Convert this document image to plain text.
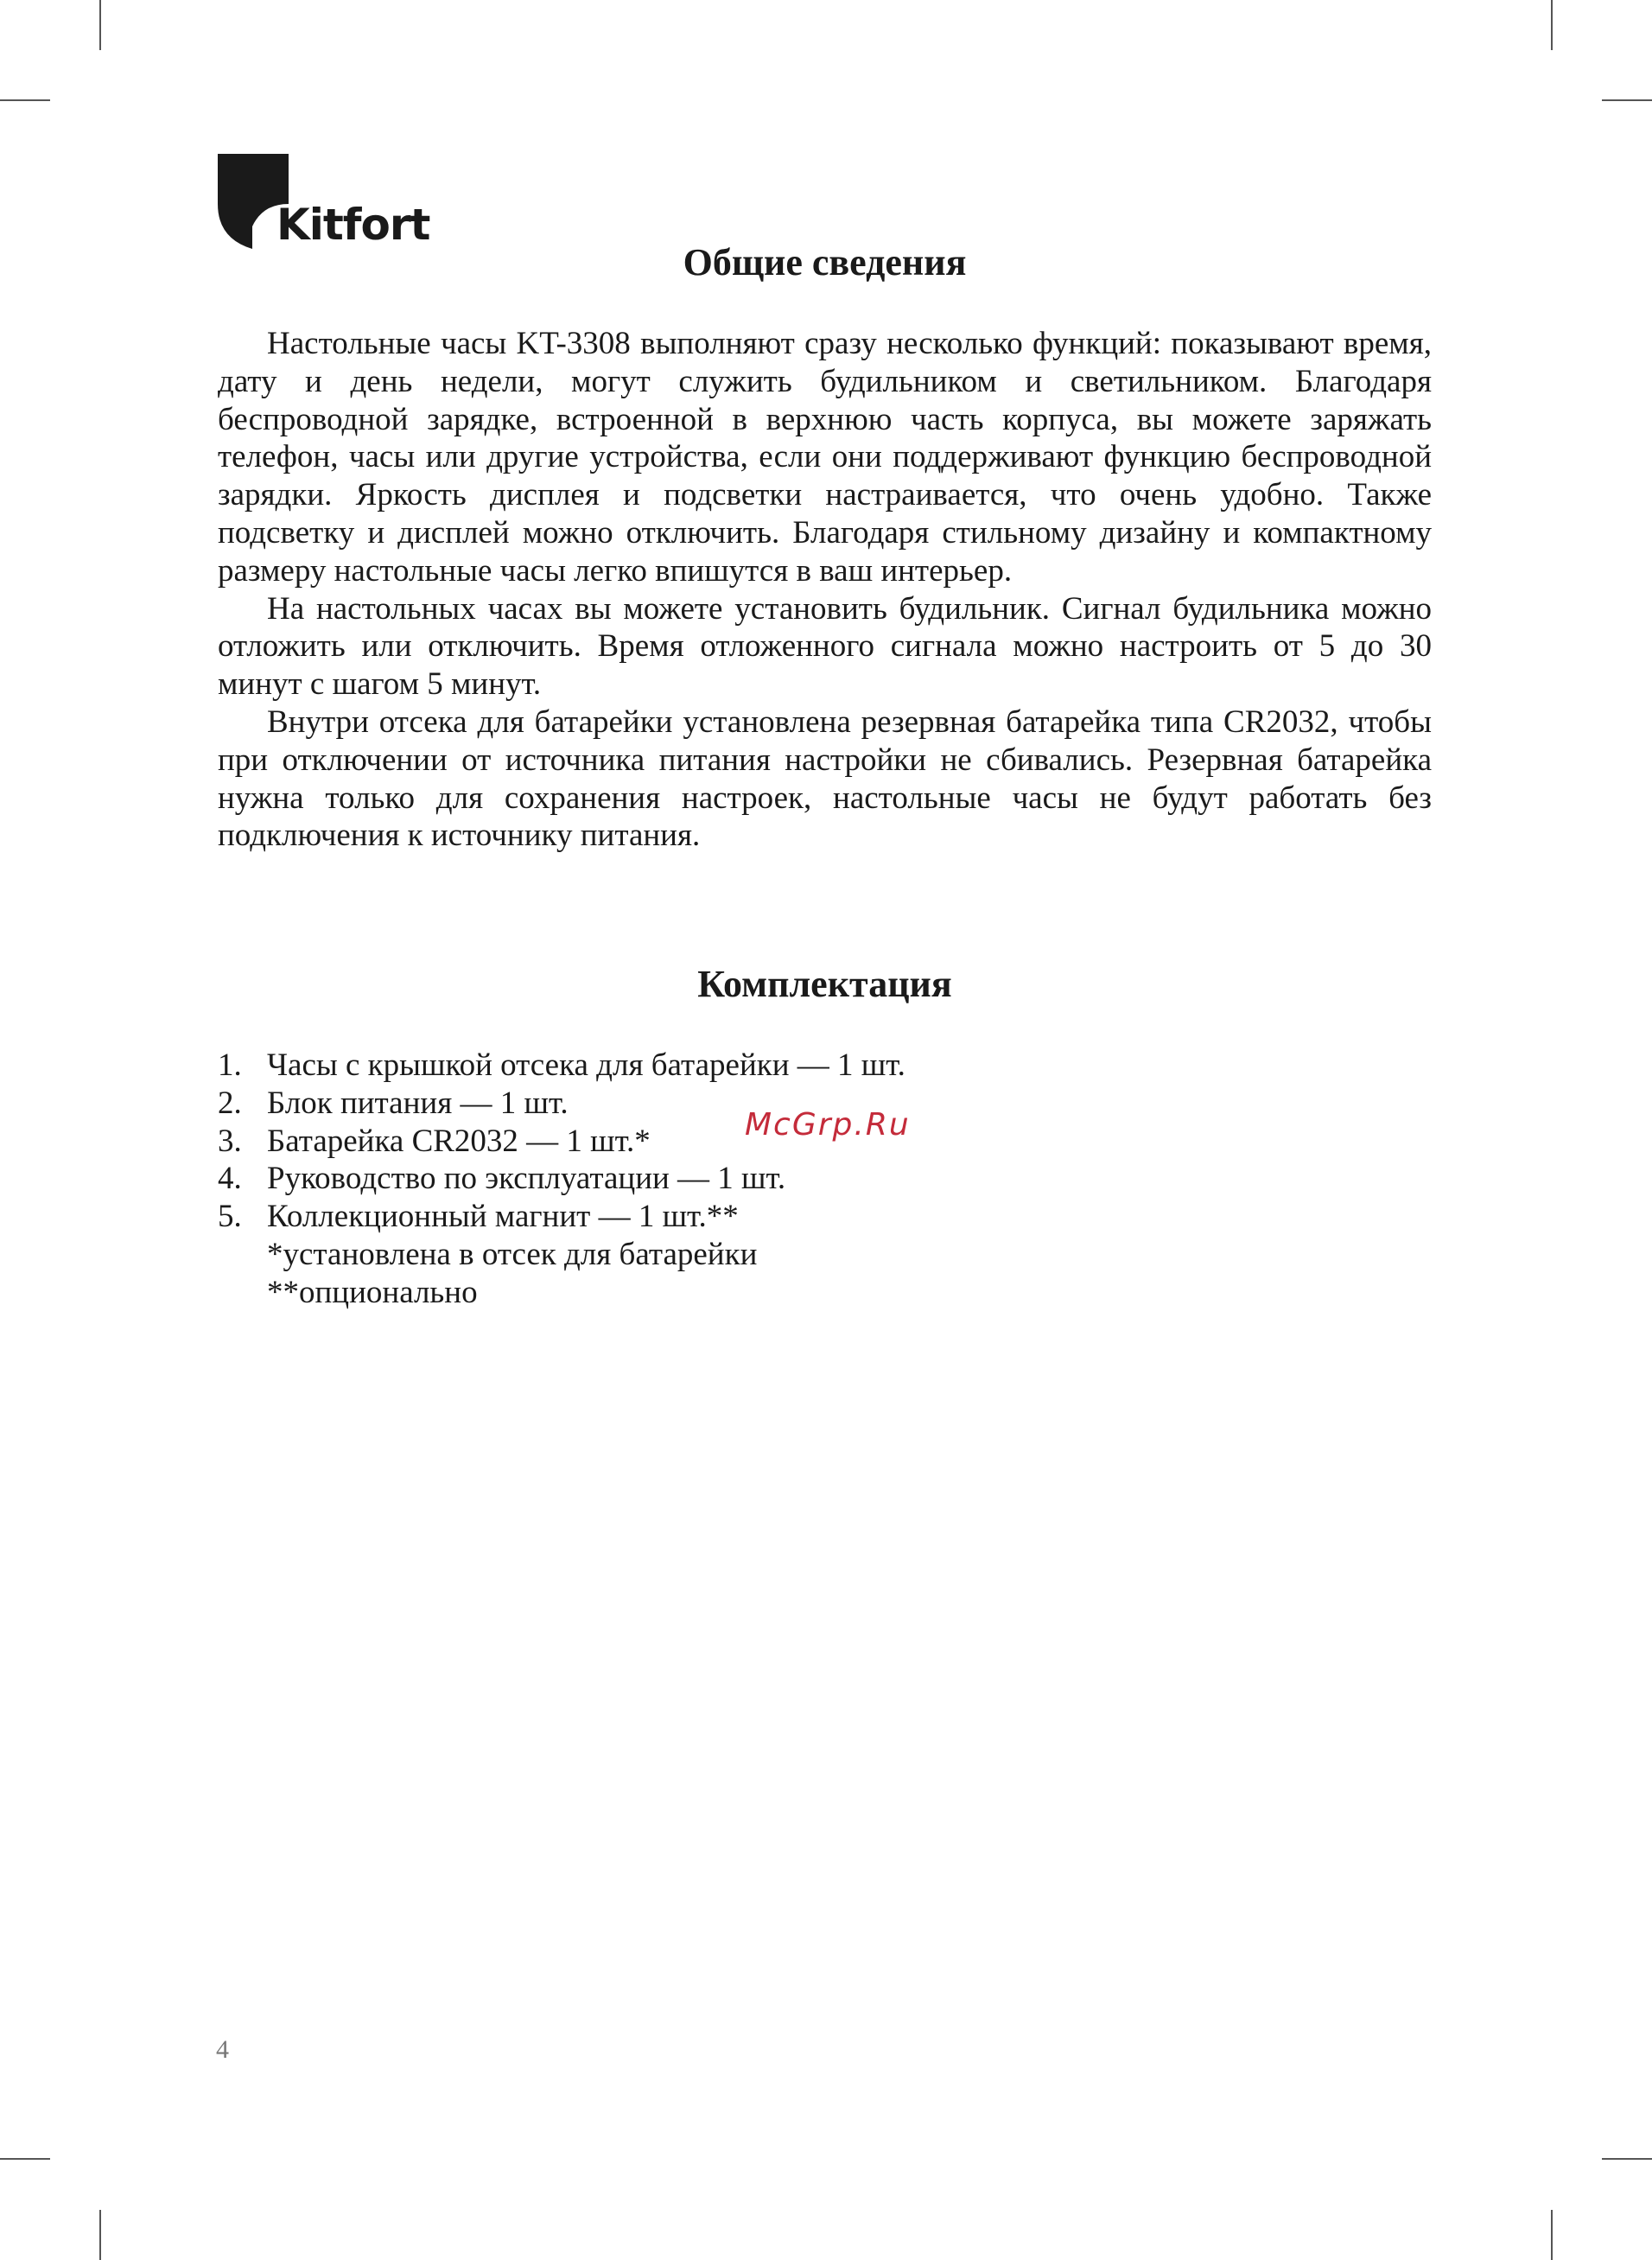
Kitfort
Общие сведения

Настольные часы KT-3308 выполняют сразу несколько функций: показывают время, дату и день недели, могут служить будильником и светильником. Благодаря беспроводной зарядке, встроенной в верхнюю часть корпуса, вы можете заряжать телефон, часы или другие устройства, если они поддерживают функцию беспроводной зарядки. Яркость дисплея и подсветки настраивается, что очень удобно. Также подсветку и дисплей можно отключить. Благодаря стильному дизайну и компактному размеру настольные часы легко впишутся в ваш интерьер.

На настольных часах вы можете установить будильник. Сигнал будильника можно отложить или отключить. Время отложенного сигнала можно настроить от 5 до 30 минут с шагом 5 минут.

Внутри отсека для батарейки установлена резервная батарейка типа CR2032, чтобы при отключении от источника питания настройки не сбивались. Резервная батарейка нужна только для сохранения настроек, настольные часы не будут работать без подключения к источнику питания.

Комплектация
1. Часы с крышкой отсека для батарейки — 1 шт.
2. Блок питания — 1 шт.
3. Батарейка CR2032 — 1 шт.*
4. Руководство по эксплуатации — 1 шт.
5. Коллекционный магнит — 1 шт.**

*установлена в отсек для батарейки

**опционально

McGrp.Ru
4
